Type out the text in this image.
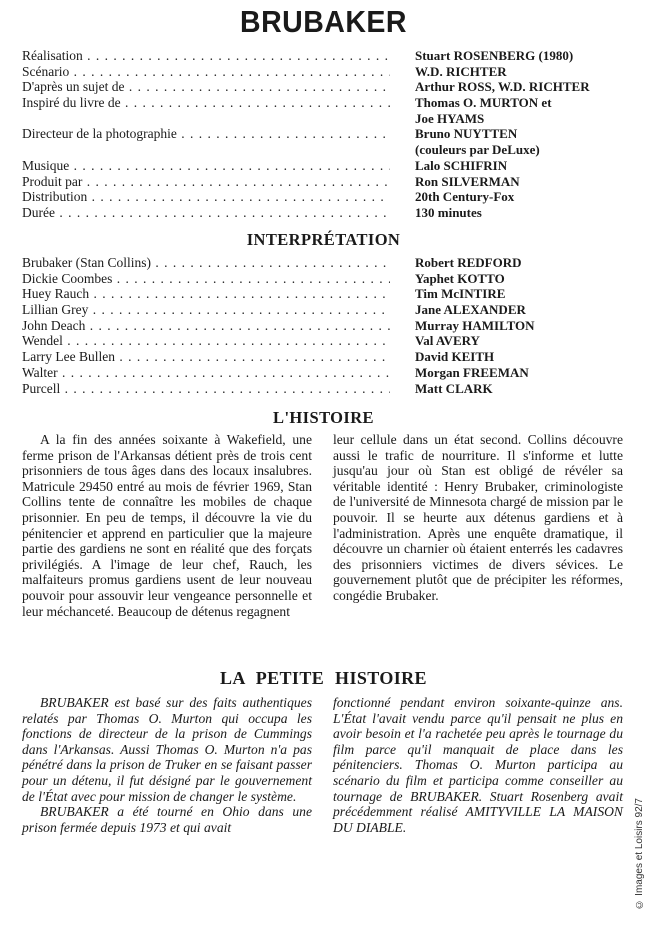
BRUBAKER
Réalisation . . .	Stuart ROSENBERG (1980)
Scénario . . .	W.D. RICHTER
D'après un sujet de . . .	Arthur ROSS, W.D. RICHTER
Inspiré du livre de . . .	Thomas O. MURTON et
Joe HYAMS
Directeur de la photographie . . .	Bruno NUYTTEN
(couleurs par DeLuxe)
Musique . . .	Lalo SCHIFRIN
Produit par . . .	Ron SILVERMAN
Distribution . . .	20th Century-Fox
Durée . . .	130 minutes
INTERPRÉTATION
Brubaker (Stan Collins) . . .	Robert REDFORD
Dickie Coombes . . .	Yaphet KOTTO
Huey Rauch . . .	Tim McINTIRE
Lillian Grey . . .	Jane ALEXANDER
John Deach . . .	Murray HAMILTON
Wendel . . .	Val AVERY
Larry Lee Bullen . . .	David KEITH
Walter . . .	Morgan FREEMAN
Purcell . . .	Matt CLARK
L'HISTOIRE

A la fin des années soixante à Wakefield, une ferme prison de l'Arkansas détient près de trois cent prisonniers de tous âges dans des locaux insalubres. Matricule 29450 entré au mois de février 1969, Stan Collins tente de connaître les mobiles de chaque prisonnier. En peu de temps, il découvre la vie du pénitencier et apprend en particulier que la majeure partie des gardiens ne sont en réalité que des forçats privilégiés. A l'image de leur chef, Rauch, les malfaiteurs promus gardiens usent de leur nouveau pouvoir pour assouvir leur vengeance personnelle et leur méchanceté. Beaucoup de détenus regagnent

leur cellule dans un état second. Collins découvre aussi le trafic de nourriture. Il s'informe et lutte jusqu'au jour où Stan est obligé de révéler sa véritable identité : Henry Brubaker, criminologiste de l'université de Minnesota chargé de mission par le pouvoir. Il se heurte aux détenus gardiens et à l'administration. Après une enquête dramatique, il découvre un charnier où étaient enterrés les cadavres des prisonniers victimes de divers sévices. Le gouvernement plutôt que de précipiter les réformes, congédie Brubaker.

LA PETITE HISTOIRE

BRUBAKER est basé sur des faits authentiques relatés par Thomas O. Murton qui occupa les fonctions de directeur de la prison de Cummings dans l'Arkansas. Aussi Thomas O. Murton n'a pas pénétré dans la prison de Truker en se faisant passer pour un détenu, il fut désigné par le gouvernement de l'État avec pour mission de changer le système.

BRUBAKER a été tourné en Ohio dans une prison fermée depuis 1973 et qui avait

fonctionné pendant environ soixante-quinze ans. L'État l'avait vendu parce qu'il pensait ne plus en avoir besoin et l'a rachetée peu après le tournage du film parce qu'il manquait de place dans les pénitenciers. Thomas O. Murton participa au scénario du film et participa comme conseiller au tournage de BRUBAKER. Stuart Rosenberg avait précédemment réalisé AMITYVILLE LA MAISON DU DIABLE.	© Images et Loisirs 92/7
